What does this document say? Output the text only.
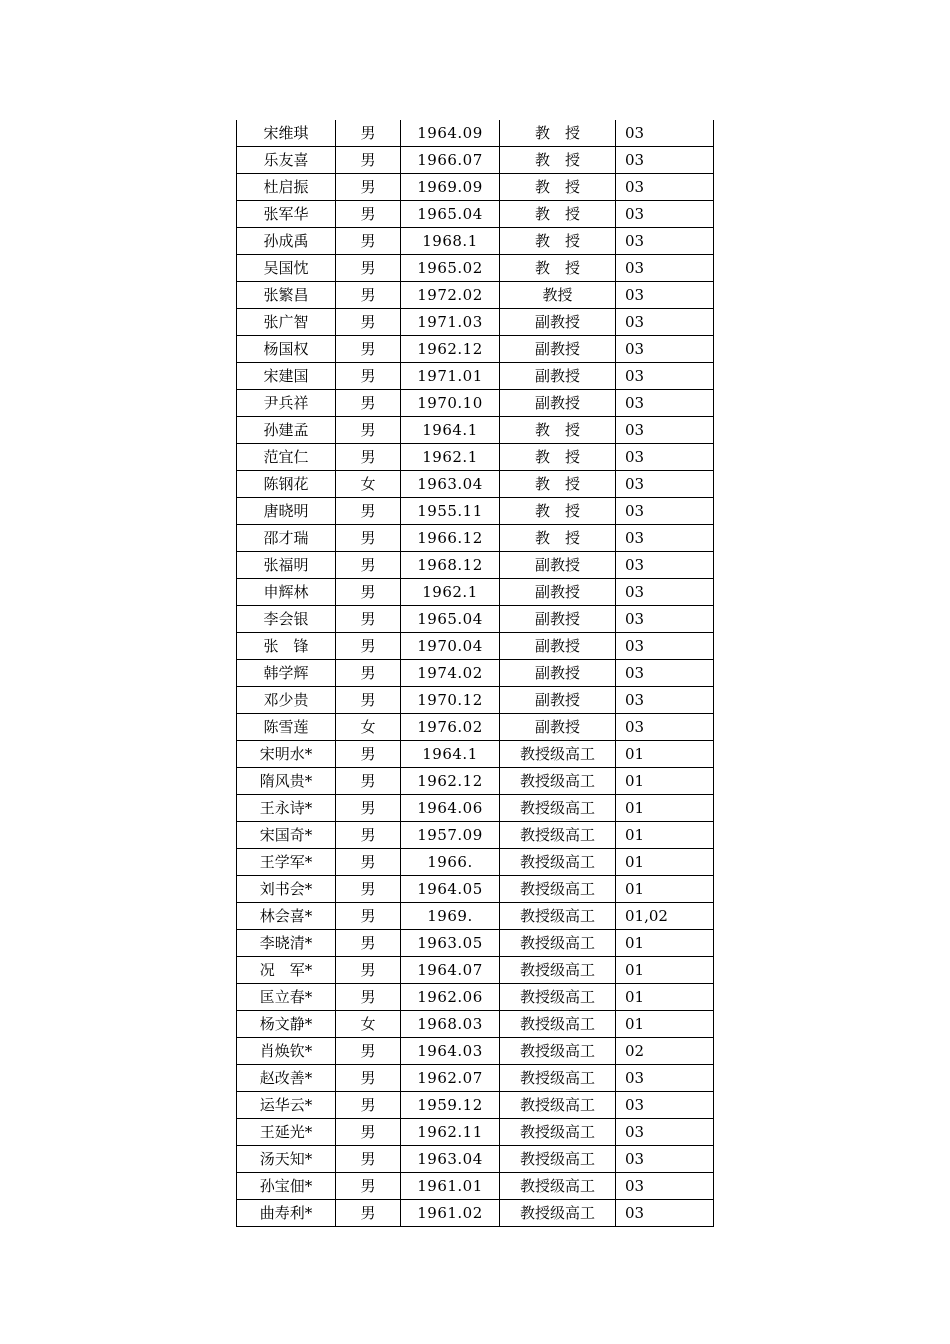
宋维琪	男	1964.09	教　授	03
乐友喜	男	1966.07	教　授	03
杜启振	男	1969.09	教　授	03
张军华	男	1965.04	教　授	03
孙成禹	男	1968.1	教　授	03
吴国忱	男	1965.02	教　授	03
张繁昌	男	1972.02	教授	03
张广智	男	1971.03	副教授	03
杨国权	男	1962.12	副教授	03
宋建国	男	1971.01	副教授	03
尹兵祥	男	1970.10	副教授	03
孙建孟	男	1964.1	教　授	03
范宜仁	男	1962.1	教　授	03
陈钢花	女	1963.04	教　授	03
唐晓明	男	1955.11	教　授	03
邵才瑞	男	1966.12	教　授	03
张福明	男	1968.12	副教授	03
申辉林	男	1962.1	副教授	03
李会银	男	1965.04	副教授	03
张　锋	男	1970.04	副教授	03
韩学辉	男	1974.02	副教授	03
邓少贵	男	1970.12	副教授	03
陈雪莲	女	1976.02	副教授	03
宋明水*	男	1964.1	教授级高工	01
隋风贵*	男	1962.12	教授级高工	01
王永诗*	男	1964.06	教授级高工	01
宋国奇*	男	1957.09	教授级高工	01
王学军*	男	1966.	教授级高工	01
刘书会*	男	1964.05	教授级高工	01
林会喜*	男	1969.	教授级高工	01,02
李晓清*	男	1963.05	教授级高工	01
况　军*	男	1964.07	教授级高工	01
匡立春*	男	1962.06	教授级高工	01
杨文静*	女	1968.03	教授级高工	01
肖焕钦*	男	1964.03	教授级高工	02
赵改善*	男	1962.07	教授级高工	03
运华云*	男	1959.12	教授级高工	03
王延光*	男	1962.11	教授级高工	03
汤天知*	男	1963.04	教授级高工	03
孙宝佃*	男	1961.01	教授级高工	03
曲寿利*	男	1961.02	教授级高工	03
